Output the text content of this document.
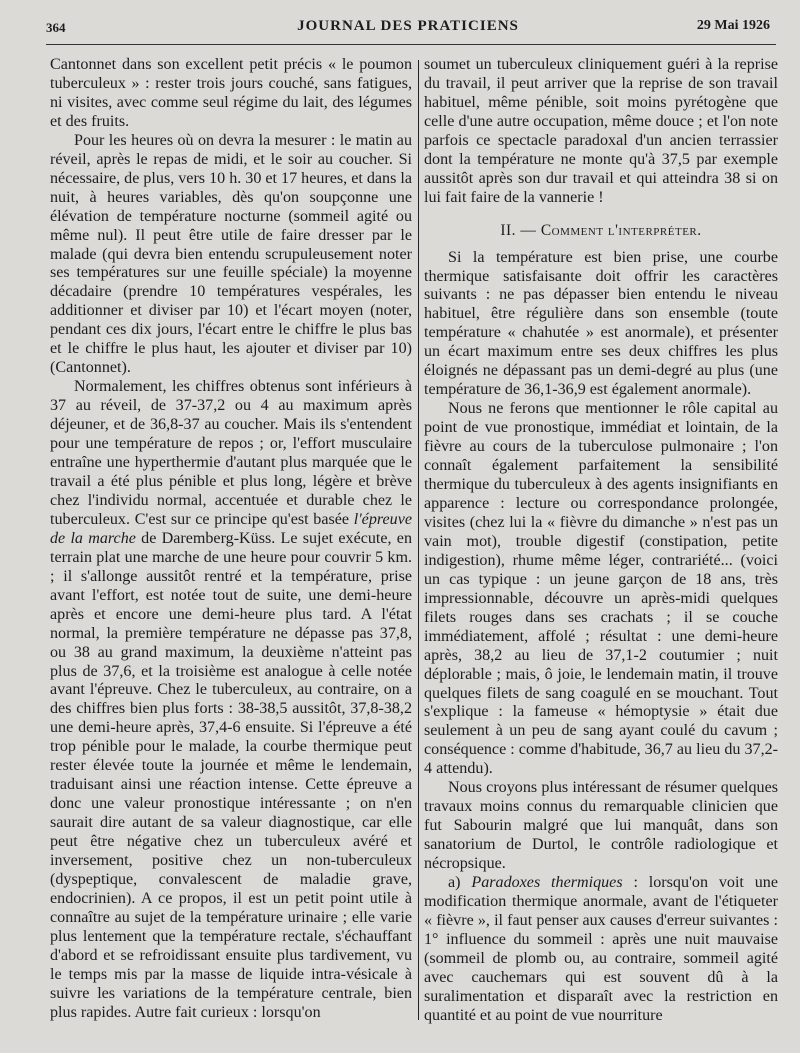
364	JOURNAL DES PRATICIENS	29 Mai 1926

Cantonnet dans son excellent petit précis « le poumon tuberculeux » : rester trois jours couché, sans fatigues, ni visites, avec comme seul régime du lait, des légumes et des fruits.

Pour les heures où on devra la mesurer : le matin au réveil, après le repas de midi, et le soir au coucher. Si nécessaire, de plus, vers 10 h. 30 et 17 heures, et dans la nuit, à heures variables, dès qu'on soupçonne une élévation de température nocturne (sommeil agité ou même nul). Il peut être utile de faire dresser par le malade (qui devra bien entendu scrupuleusement noter ses températures sur une feuille spéciale) la moyenne décadaire (prendre 10 températures vespérales, les additionner et diviser par 10) et l'écart moyen (noter, pendant ces dix jours, l'écart entre le chiffre le plus bas et le chiffre le plus haut, les ajouter et diviser par 10) (Cantonnet).

Normalement, les chiffres obtenus sont inférieurs à 37 au réveil, de 37-37,2 ou 4 au maximum après déjeuner, et de 36,8-37 au coucher. Mais ils s'entendent pour une température de repos ; or, l'effort musculaire entraîne une hyperthermie d'autant plus marquée que le travail a été plus pénible et plus long, légère et brève chez l'individu normal, accentuée et durable chez le tuberculeux. C'est sur ce principe qu'est basée l'épreuve de la marche de Daremberg-Küss. Le sujet exécute, en terrain plat une marche de une heure pour couvrir 5 km. ; il s'allonge aussitôt rentré et la température, prise avant l'effort, est notée tout de suite, une demi-heure après et encore une demi-heure plus tard. A l'état normal, la première température ne dépasse pas 37,8, ou 38 au grand maximum, la deuxième n'atteint pas plus de 37,6, et la troisième est analogue à celle notée avant l'épreuve. Chez le tuberculeux, au contraire, on a des chiffres bien plus forts : 38-38,5 aussitôt, 37,8-38,2 une demi-heure après, 37,4-6 ensuite. Si l'épreuve a été trop pénible pour le malade, la courbe thermique peut rester élevée toute la journée et même le lendemain, traduisant ainsi une réaction intense. Cette épreuve a donc une valeur pronostique intéressante ; on n'en saurait dire autant de sa valeur diagnostique, car elle peut être négative chez un tuberculeux avéré et inversement, positive chez un non-tuberculeux (dyspeptique, convalescent de maladie grave, endocrinien). A ce propos, il est un petit point utile à connaître au sujet de la température urinaire ; elle varie plus lentement que la température rectale, s'échauffant d'abord et se refroidissant ensuite plus tardivement, vu le temps mis par la masse de liquide intra-vésicale à suivre les variations de la température centrale, bien plus rapides. Autre fait curieux : lorsqu'on

soumet un tuberculeux cliniquement guéri à la reprise du travail, il peut arriver que la reprise de son travail habituel, même pénible, soit moins pyrétogène que celle d'une autre occupation, même douce ; et l'on note parfois ce spectacle paradoxal d'un ancien terrassier dont la température ne monte qu'à 37,5 par exemple aussitôt après son dur travail et qui atteindra 38 si on lui fait faire de la vannerie !

II. — Comment l'interpréter.

Si la température est bien prise, une courbe thermique satisfaisante doit offrir les caractères suivants : ne pas dépasser bien entendu le niveau habituel, être régulière dans son ensemble (toute température « chahutée » est anormale), et présenter un écart maximum entre ses deux chiffres les plus éloignés ne dépassant pas un demi-degré au plus (une température de 36,1-36,9 est également anormale).

Nous ne ferons que mentionner le rôle capital au point de vue pronostique, immédiat et lointain, de la fièvre au cours de la tuberculose pulmonaire ; l'on connaît également parfaitement la sensibilité thermique du tuberculeux à des agents insignifiants en apparence : lecture ou correspondance prolongée, visites (chez lui la « fièvre du dimanche » n'est pas un vain mot), trouble digestif (constipation, petite indigestion), rhume même léger, contrariété... (voici un cas typique : un jeune garçon de 18 ans, très impressionnable, découvre un après-midi quelques filets rouges dans ses crachats ; il se couche immédiatement, affolé ; résultat : une demi-heure après, 38,2 au lieu de 37,1-2 coutumier ; nuit déplorable ; mais, ô joie, le lendemain matin, il trouve quelques filets de sang coagulé en se mouchant. Tout s'explique : la fameuse « hémoptysie » était due seulement à un peu de sang ayant coulé du cavum ; conséquence : comme d'habitude, 36,7 au lieu du 37,2-4 attendu).

Nous croyons plus intéressant de résumer quelques travaux moins connus du remarquable clinicien que fut Sabourin malgré que lui manquât, dans son sanatorium de Durtol, le contrôle radiologique et nécropsique.

a) Paradoxes thermiques : lorsqu'on voit une modification thermique anormale, avant de l'étiqueter « fièvre », il faut penser aux causes d'erreur suivantes : 1° influence du sommeil : après une nuit mauvaise (sommeil de plomb ou, au contraire, sommeil agité avec cauchemars qui est souvent dû à la suralimentation et disparaît avec la restriction en quantité et au point de vue nourriture
